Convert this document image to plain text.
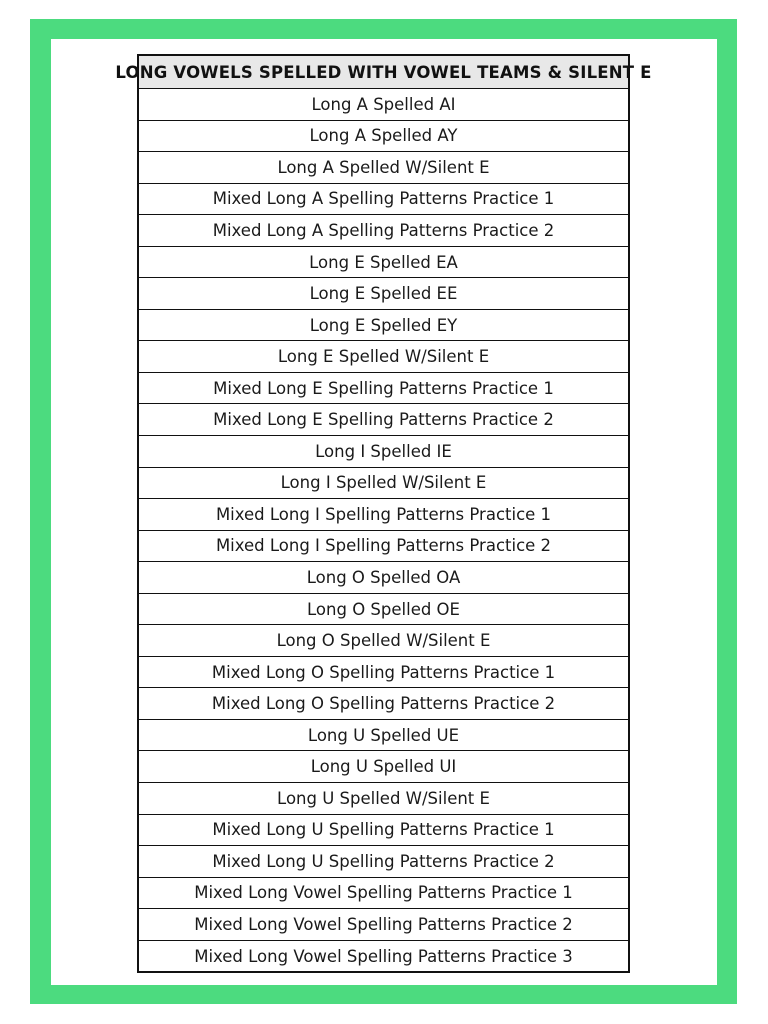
LONG VOWELS SPELLED WITH VOWEL TEAMS & SILENT E
Long A Spelled AI
Long A Spelled AY
Long A Spelled W/Silent E
Mixed Long A Spelling Patterns Practice 1
Mixed Long A Spelling Patterns Practice 2
Long E Spelled EA
Long E Spelled EE
Long E Spelled EY
Long E Spelled W/Silent E
Mixed Long E Spelling Patterns Practice 1
Mixed Long E Spelling Patterns Practice 2
Long I Spelled IE
Long I Spelled W/Silent E
Mixed Long I Spelling Patterns Practice 1
Mixed Long I Spelling Patterns Practice 2
Long O Spelled OA
Long O Spelled OE
Long O Spelled W/Silent E
Mixed Long O Spelling Patterns Practice 1
Mixed Long O Spelling Patterns Practice 2
Long U Spelled UE
Long U Spelled UI
Long U Spelled W/Silent E
Mixed Long U Spelling Patterns Practice 1
Mixed Long U Spelling Patterns Practice 2
Mixed Long Vowel Spelling Patterns Practice 1
Mixed Long Vowel Spelling Patterns Practice 2
Mixed Long Vowel Spelling Patterns Practice 3
